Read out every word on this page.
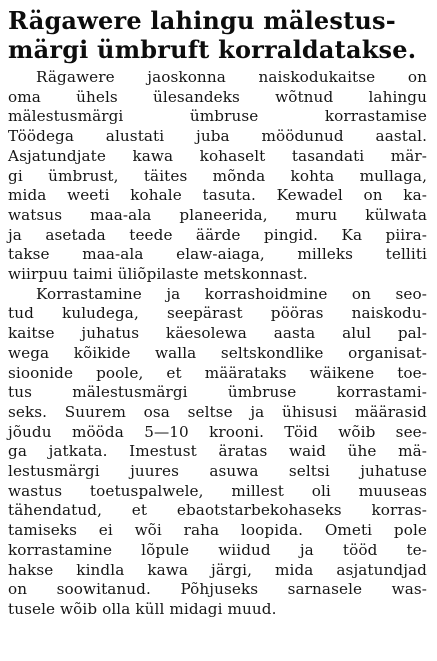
Rägawere lahingu mälestus-
märgi ümbruft korraldatakse.
Rägawere jaoskonna naiskodukaitse on
oma ühels ülesandeks wõtnud lahingu
mälestusmärgi ümbruse korrastamise
Töödega alustati juba möödunud aastal.
Asjatundjate kawa kohaselt tasandati mär-
gi ümbrust, täites mõnda kohta mullaga,
mida weeti kohale tasuta. Kewadel on ka-
watsus maa-ala planeerida, muru külwata
ja asetada teede äärde pingid. Ka piira-
takse maa-ala elaw-aiaga, milleks telliti
wiirpuu taimi üliõpilaste metskonnast.
Korrastamine ja korrashoidmine on seo-
tud kuludega, seepärast pööras naiskodu-
kaitse juhatus käesolewa aasta alul pal-
wega kõikide walla seltskondlike organisat-
sioonide poole, et määrataks wäikene toe-
tus mälestusmärgi ümbruse korrastami-
seks. Suurem osa seltse ja ühisusi määrasid
jõudu mööda 5—10 krooni. Töid wõib see-
ga jatkata. Imestust äratas waid ühe mä-
lestusmärgi juures asuwa seltsi juhatuse
wastus toetuspalwele, millest oli muuseas
tähendatud, et ebaotstarbekohaseks korras-
tamiseks ei wõi raha loopida. Ometi pole
korrastamine lõpule wiidud ja tööd te-
hakse kindla kawa järgi, mida asjatundjad
on soowitanud. Põhjuseks sarnasele was-
tusele wõib olla küll midagi muud.
